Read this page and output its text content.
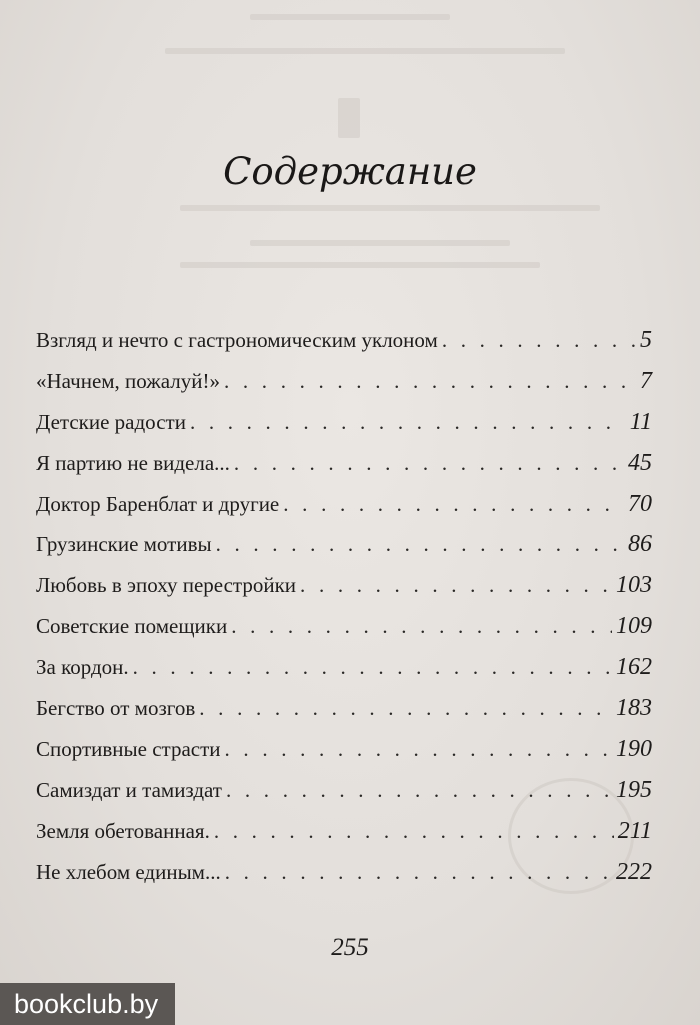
Содержание
Взгляд и нечто с гастрономическим уклоном . . .	5
«Начнем, пожалуй!» . . .	7
Детские радости . . .	11
Я партию не видела... . . .	45
Доктор Баренблат и другие . . .	70
Грузинские мотивы . . .	86
Любовь в эпоху перестройки . . .	103
Советские помещики . . .	109
За кордон. . . .	162
Бегство от мозгов . . .	183
Спортивные страсти . . .	190
Самиздат и тамиздат . . .	195
Земля обетованная. . . .	211
Не хлебом единым... . . .	222
255
bookclub.by
